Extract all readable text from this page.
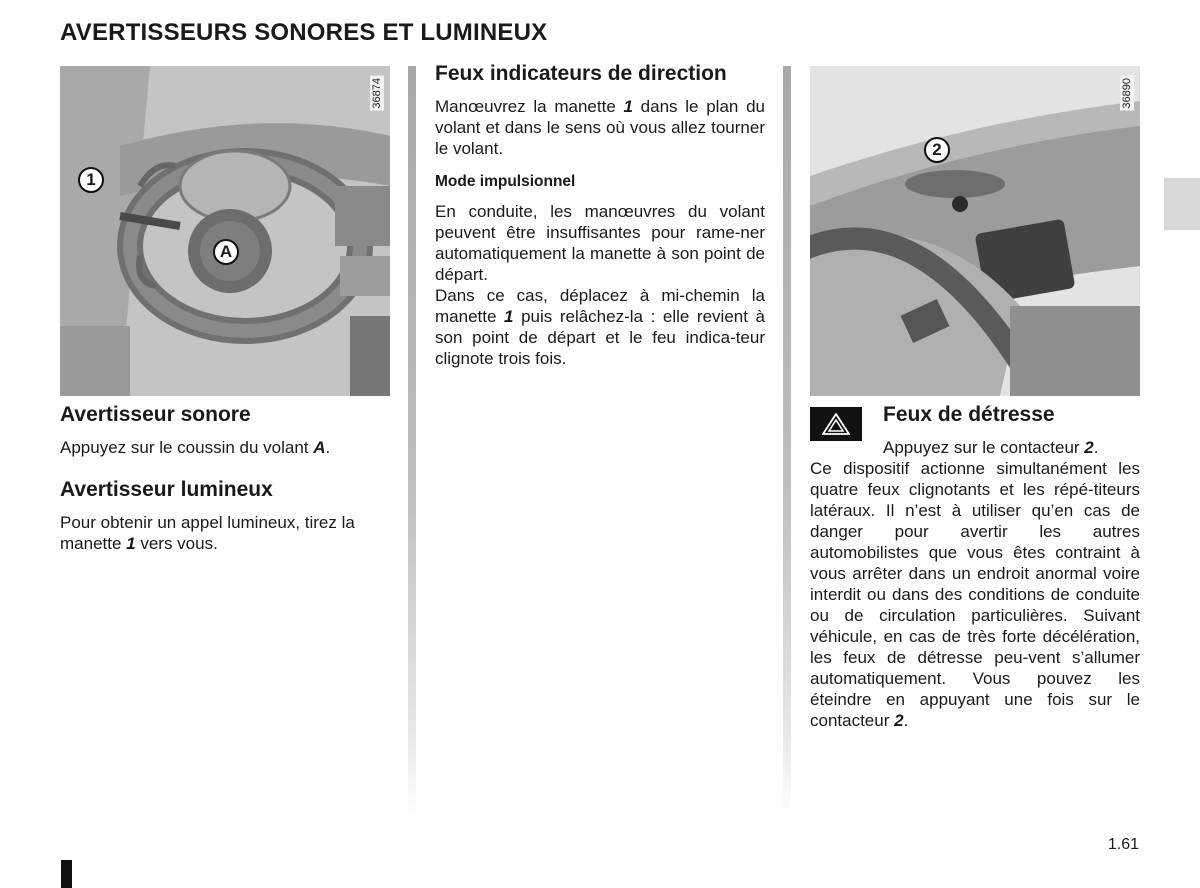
AVERTISSEURS SONORES ET LUMINEUX
36874
1
A
Avertisseur sonore

Appuyez sur le coussin du volant A.

Avertisseur lumineux

Pour obtenir un appel lumineux, tirez la manette 1 vers vous.

Feux indicateurs de direction

Manœuvrez la manette 1 dans le plan du volant et dans le sens où vous allez tourner le volant.

Mode impulsionnel

En conduite, les manœuvres du volant peuvent être insuffisantes pour rame-ner automatiquement la manette à son point de départ.

Dans ce cas, déplacez à mi-chemin la manette 1 puis relâchez-la : elle revient à son point de départ et le feu indica-teur clignote trois fois.

36890
2
Feux de détresse

Appuyez sur le contacteur 2.

Ce dispositif actionne simultanément les quatre feux clignotants et les répé-titeurs latéraux. Il n’est à utiliser qu’en cas de danger pour avertir les autres automobilistes que vous êtes contraint à vous arrêter dans un endroit anormal voire interdit ou dans des conditions de conduite ou de circulation particulières. Suivant véhicule, en cas de très forte décélération, les feux de détresse peu-vent s’allumer automatiquement. Vous pouvez les éteindre en appuyant une fois sur le contacteur 2.

1.61
